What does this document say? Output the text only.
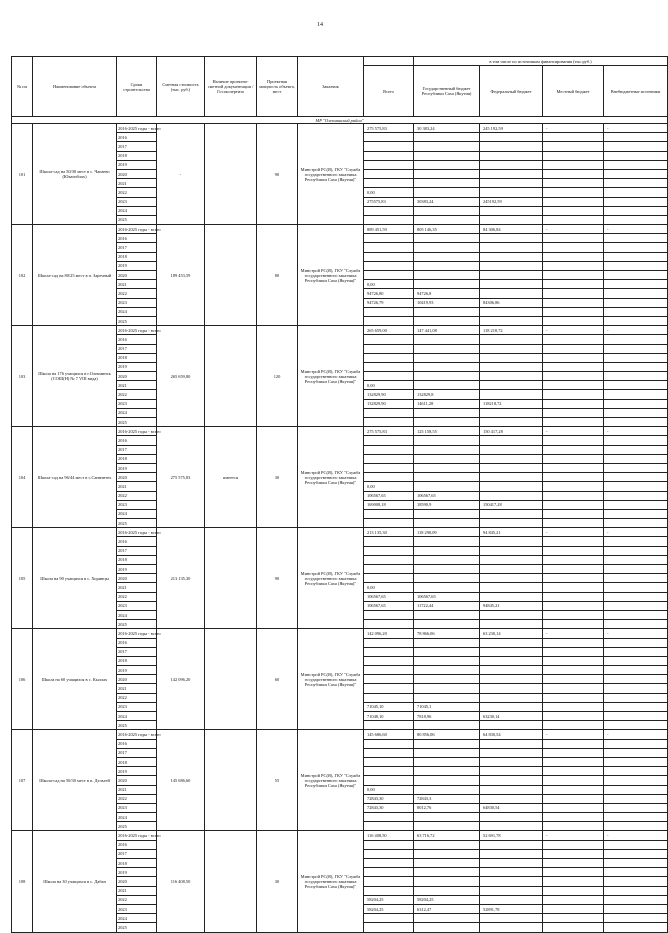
14
№ пп	Наименование объекта	Сроки строительства	Сметная стоимость (тыс. руб.)	Наличие проектно-сметной документации /Госэкспертиза	Проектная мощность объекта, мест	Заказчик		в том числе по источникам финансирования (тыс.руб.)			
							Всего	Государственный бюджет Республики Саха (Якутия)	Федеральный бюджет	Местный бюджет	Внебюджетные источники
МР "Олекминский район"											
101	Школа-сад на 50/30 мест в с. Чапаево (Юкагиблах)	2016-2025 годы - всего	-		90	Минстрой РС(Я), ГКУ "Служба государственного заказчика Республики Саха (Якутия)"	275 575,83	30 383,24	245 192,59	-	-
		2016									
		2017									
		2018									
		2019									
		2020									
		2021									
		2022					0,00				
		2023					275575,83	30383,24	245192,59		
		2024									
		2025									
102	Школа-сад на 80/25 мест в п. Заречный	2016-2025 годы - всего	189 453,59		80	Минстрой РС(Я), ГКУ "Служба государственного заказчика Республики Саха (Якутия)"	889 451,59	805 146,35	84 306,84	-	-
		2016									
		2017									
		2018									
		2019									
		2020									
		2021					0,00				
		2022					94726,80	94726,8			
		2023					94726,79	10419,93	84306,86		
		2024									
		2025									
103	Школа на 176 учащихся в г.Олекминск (СОШ(Н) № 7 VIII вида)	2016-2025 годы - всего	265 659,80		120	Минстрой РС(Я), ГКУ "Служба государственного заказчика Республики Саха (Якутия)"	265 659,00	147 441,08	118 218,72	-	-
		2016									
		2017									
		2018									
		2019									
		2020									
		2021					0,00				
		2022					132829,90	132829,8			
		2023					132829,90	14611,28	118218,72		
		2024									
		2025									
104	Школа-сад на 96/44 мест в с.Саннэнтех	2016-2025 годы - всего	275 575,83	имеется	30	Минстрой РС(Я), ГКУ "Служба государственного заказчика Республики Саха (Якутия)"	275 575,83	125 158,55	150 417,28	-	-
		2016									
		2017									
		2018									
		2019									
		2020									
		2021					0,00				
		2022					106567,65	106567,65			
		2023					169008,18	18590,9	150417,28		
		2024									
		2025									
105	Школа на 90 учащихся в с. Хоринцы	2016-2025 годы - всего	213 135,30		90	Минстрой РС(Я), ГКУ "Служба государственного заказчика Республики Саха (Якутия)"	213 135,30	118 290,09	94 845,21	-	-
		2016									
		2017									
		2018									
		2019									
		2020									
		2021					0,00				
		2022					106567,65	106567,65			
		2023					106567,65	11722,44	94845,21		
		2024									
		2025									
106	Школа на 60 учащихся в с. Кыллах	2016-2025 годы - всего	142 096,20		60	Минстрой РС(Я), ГКУ "Служба государственного заказчика Республики Саха (Якутия)"	142 096,20	78 866,06	63 230,14	-	-
		2016									
		2017									
		2018									
		2019									
		2020									
		2021									
		2022									
		2023					71045,10	71045,1			
		2024					71048,10	7818,96	63230,14		
		2025									
107	Школа-сад на 50/30 мест в п. Дельгей	2016-2025 годы - всего	145 686,60		55	Минстрой РС(Я), ГКУ "Служба государственного заказчика Республики Саха (Якутия)"	145 686,60	80 856,06	64 830,54	-	-
		2016									
		2017									
		2018									
		2019									
		2020									
		2021					0,00				
		2022					72843,30	72843,3			
		2023					72843,30	8012,76	64830,54		
		2024									
		2025									
108	Школа на 30 учащихся в с. Дабан	2016-2025 годы - всего	116 408,50		30	Минстрой РС(Я), ГКУ "Служба государственного заказчика Республики Саха (Якутия)"	116 408,50	63 716,72	52 691,78	-	-
		2016									
		2017									
		2018									
		2019									
		2020									
		2021									
		2022					58204,25	58204,25			
		2023					58204,25	6312,47	52891,78		
		2024									
		2025									
